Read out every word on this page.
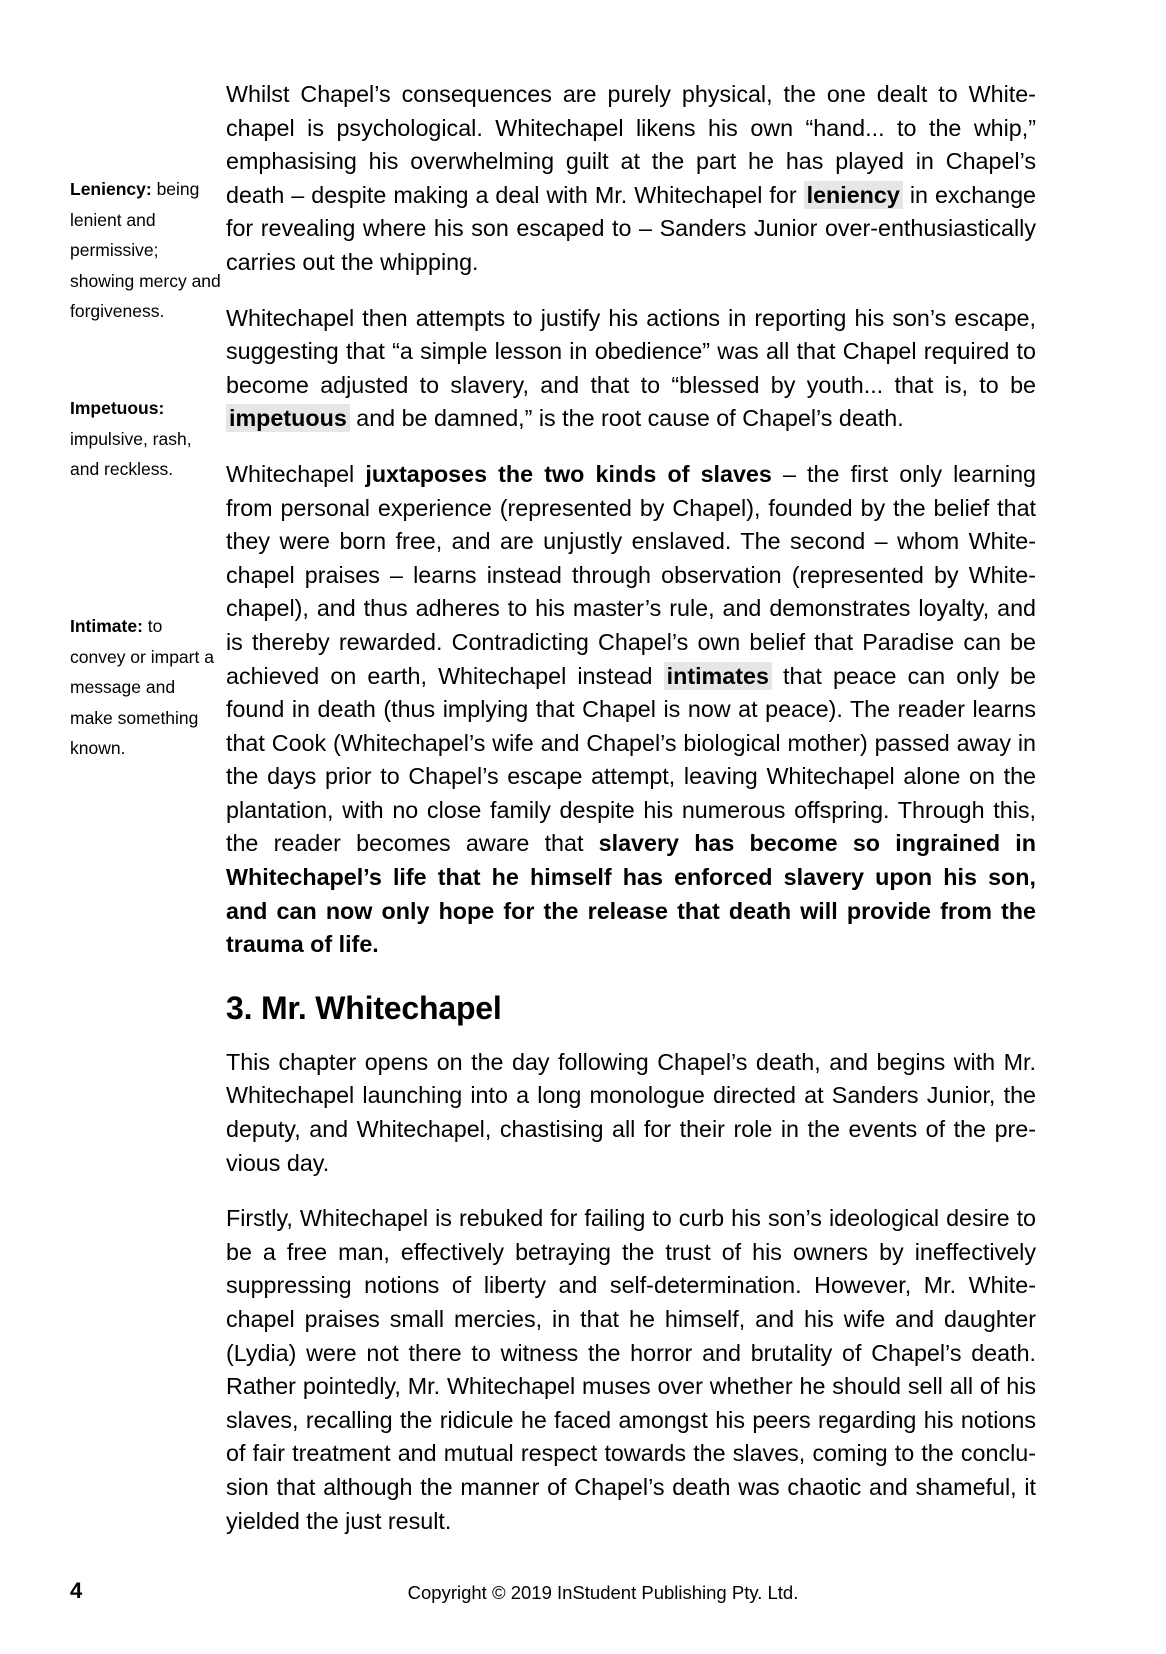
Leniency: being lenient and permissive; showing mercy and forgiveness.

Impetuous: impulsive, rash, and reckless.

Intimate: to convey or impart a message and make something known.

Whilst Chapel’s consequences are purely physical, the one dealt to White-chapel is psychological. Whitechapel likens his own “hand... to the whip,” emphasising his overwhelming guilt at the part he has played in Chapel’s death – despite making a deal with Mr. Whitechapel for leniency in exchange for revealing where his son escaped to – Sanders Junior over-enthusiastically carries out the whipping.

Whitechapel then attempts to justify his actions in reporting his son’s escape, suggesting that “a simple lesson in obedience” was all that Chapel required to become adjusted to slavery, and that to “blessed by youth... that is, to be impetuous and be damned,” is the root cause of Chapel’s death.

Whitechapel juxtaposes the two kinds of slaves – the first only learning from personal experience (represented by Chapel), founded by the belief that they were born free, and are unjustly enslaved. The second – whom White-chapel praises – learns instead through observation (represented by White-chapel), and thus adheres to his master’s rule, and demonstrates loyalty, and is thereby rewarded. Contradicting Chapel’s own belief that Paradise can be achieved on earth, Whitechapel instead intimates that peace can only be found in death (thus implying that Chapel is now at peace). The reader learns that Cook (Whitechapel’s wife and Chapel’s biological mother) passed away in the days prior to Chapel’s escape attempt, leaving Whitechapel alone on the plantation, with no close family despite his numerous offspring. Through this, the reader becomes aware that slavery has become so ingrained in Whitechapel’s life that he himself has enforced slavery upon his son, and can now only hope for the release that death will provide from the trauma of life.

3. Mr. Whitechapel

This chapter opens on the day following Chapel’s death, and begins with Mr. Whitechapel launching into a long monologue directed at Sanders Junior, the deputy, and Whitechapel, chastising all for their role in the events of the pre-vious day.

Firstly, Whitechapel is rebuked for failing to curb his son’s ideological desire to be a free man, effectively betraying the trust of his owners by ineffectively suppressing notions of liberty and self-determination. However, Mr. White-chapel praises small mercies, in that he himself, and his wife and daughter (Lydia) were not there to witness the horror and brutality of Chapel’s death. Rather pointedly, Mr. Whitechapel muses over whether he should sell all of his slaves, recalling the ridicule he faced amongst his peers regarding his notions of fair treatment and mutual respect towards the slaves, coming to the conclu-sion that although the manner of Chapel’s death was chaotic and shameful, it yielded the just result.

4	Copyright © 2019 InStudent Publishing Pty. Ltd.
